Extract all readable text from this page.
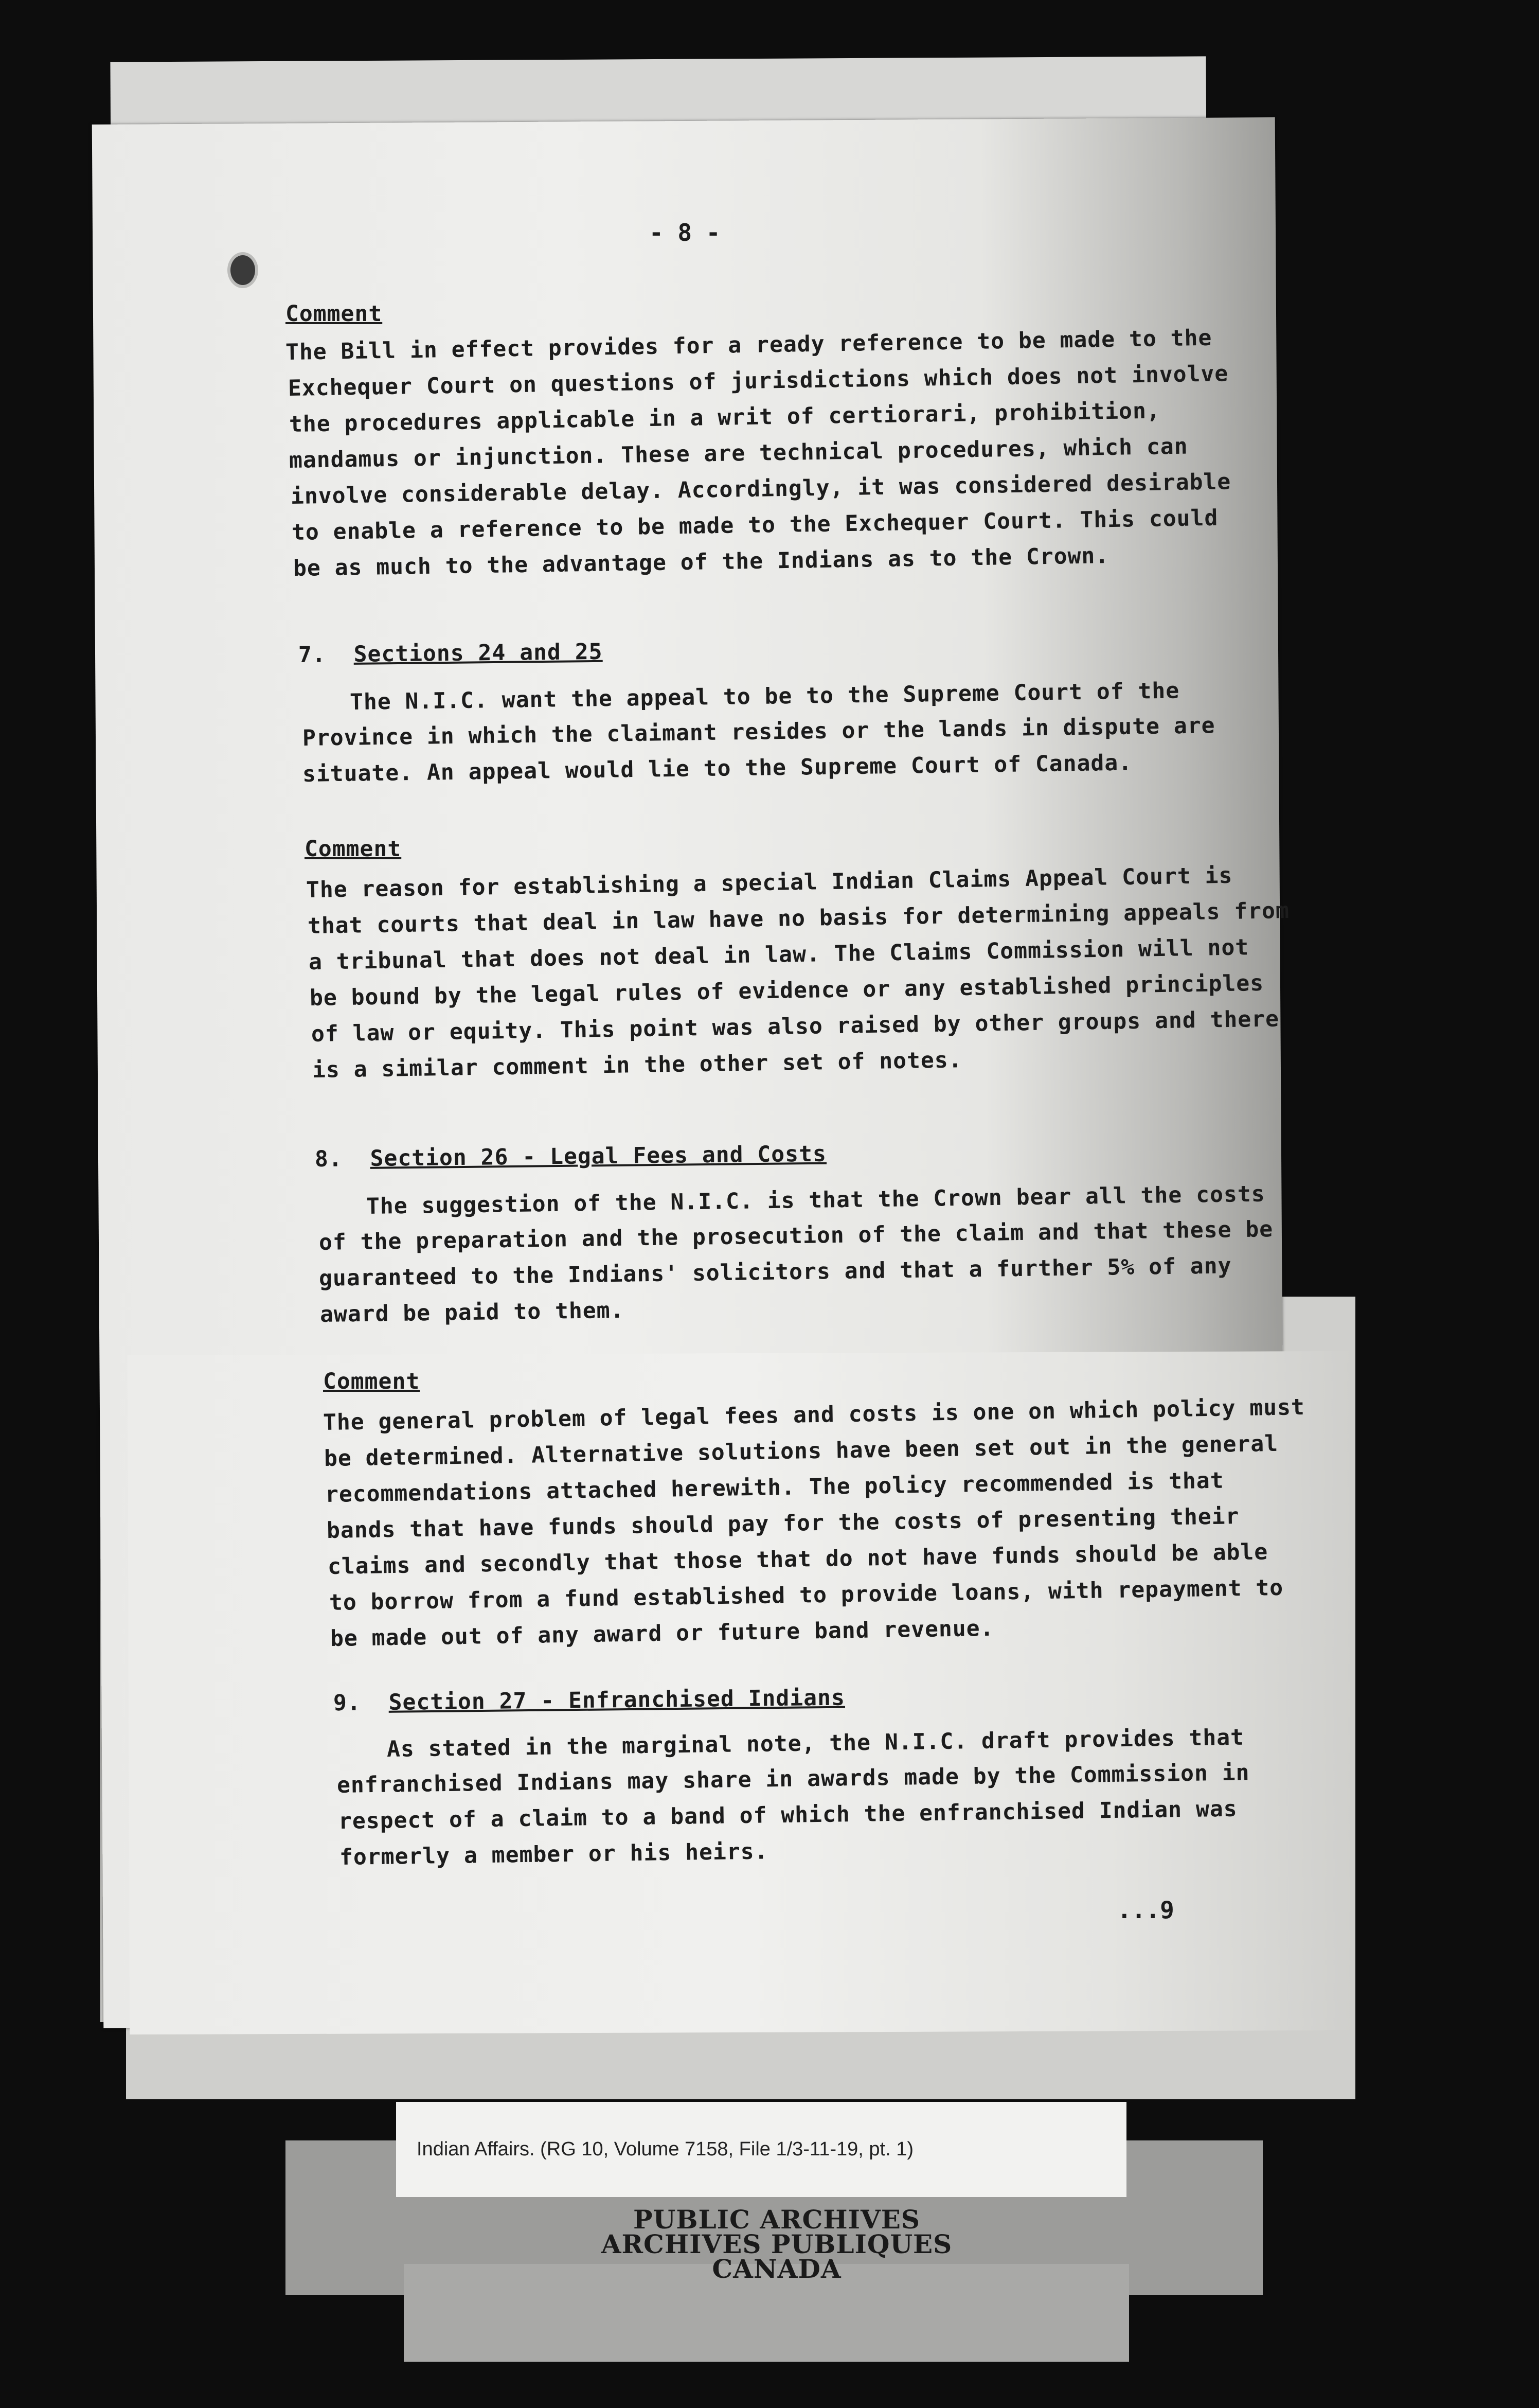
- 8 -
Comment
The Bill in effect provides for a ready reference to be made to the
Exchequer Court on questions of jurisdictions which does not involve
the procedures applicable in a writ of certiorari, prohibition,
mandamus or injunction. These are technical procedures, which can
involve considerable delay. Accordingly, it was considered desirable
to enable a reference to be made to the Exchequer Court. This could
be as much to the advantage of the Indians as to the Crown.
7. Sections 24 and 25
The N.I.C. want the appeal to be to the Supreme Court of the
Province in which the claimant resides or the lands in dispute are
situate. An appeal would lie to the Supreme Court of Canada.
Comment
The reason for establishing a special Indian Claims Appeal Court is
that courts that deal in law have no basis for determining appeals from
a tribunal that does not deal in law. The Claims Commission will not
be bound by the legal rules of evidence or any established principles
of law or equity. This point was also raised by other groups and there
is a similar comment in the other set of notes.
8. Section 26 - Legal Fees and Costs
The suggestion of the N.I.C. is that the Crown bear all the costs
of the preparation and the prosecution of the claim and that these be
guaranteed to the Indians' solicitors and that a further 5% of any
award be paid to them.
Comment
The general problem of legal fees and costs is one on which policy must
be determined. Alternative solutions have been set out in the general
recommendations attached herewith. The policy recommended is that
bands that have funds should pay for the costs of presenting their
claims and secondly that those that do not have funds should be able
to borrow from a fund established to provide loans, with repayment to
be made out of any award or future band revenue.
9. Section 27 - Enfranchised Indians
As stated in the marginal note, the N.I.C. draft provides that
enfranchised Indians may share in awards made by the Commission in
respect of a claim to a band of which the enfranchised Indian was
formerly a member or his heirs.
...9
Indian Affairs. (RG 10, Volume 7158, File 1/3-11-19, pt. 1)
PUBLIC ARCHIVES
ARCHIVES PUBLIQUES
CANADA
